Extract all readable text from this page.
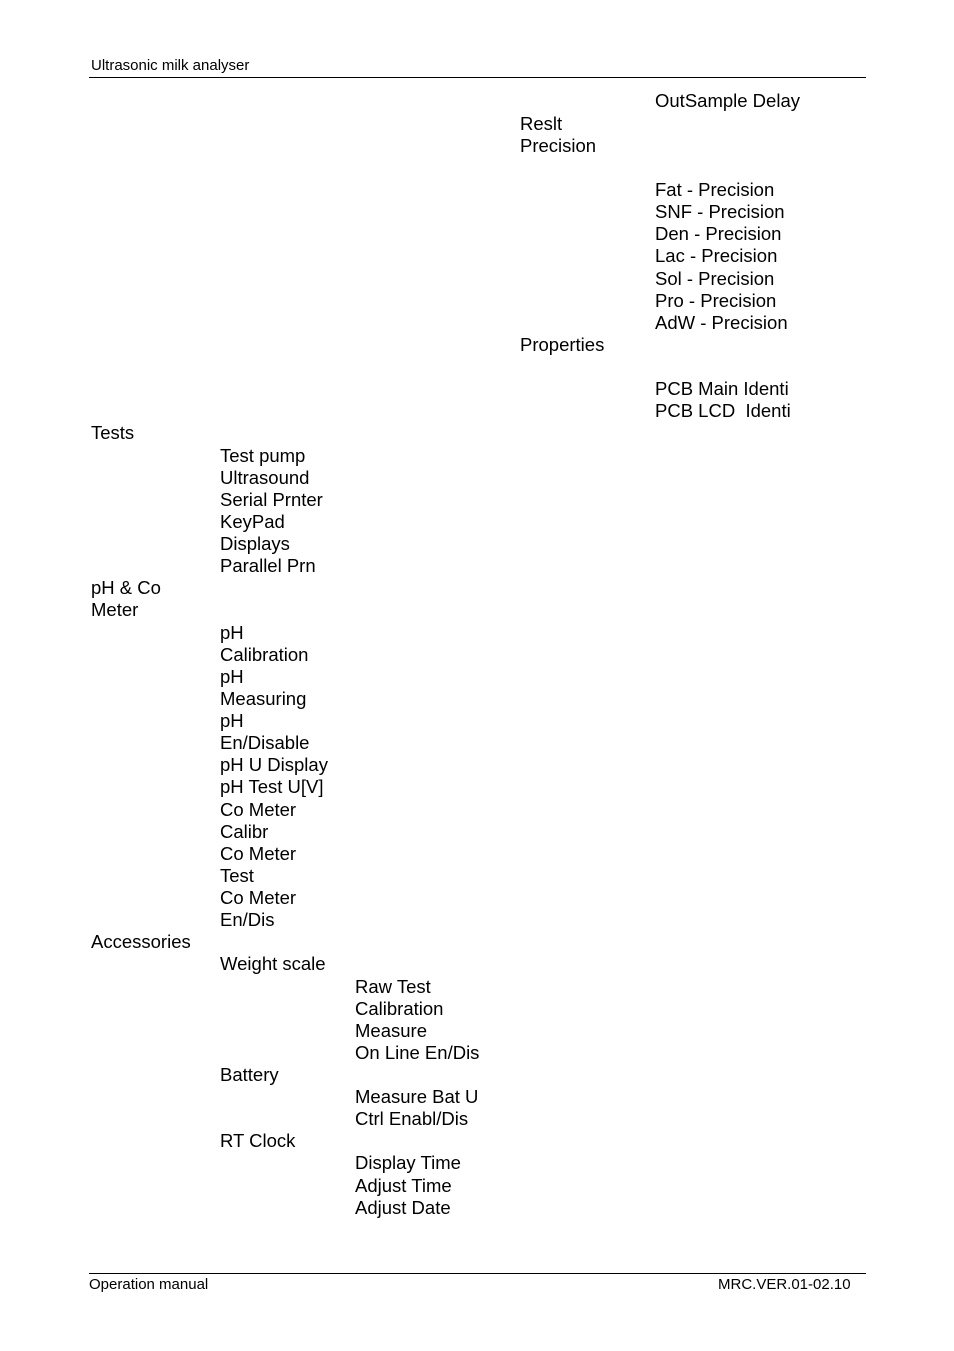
Ultrasonic milk analyser
OutSample Delay
Reslt
Precision
Fat - Precision
SNF - Precision
Den - Precision
Lac - Precision
Sol - Precision
Pro - Precision
AdW - Precision
Properties
PCB Main Identi
PCB LCD  Identi
Tests
Test pump
Ultrasound
Serial Prnter
KeyPad
Displays
Parallel Prn
pH & Co
Meter
pH
Calibration
pH
Measuring
pH
En/Disable
pH U Display
pH Test U[V]
Co Meter
Calibr
Co Meter
Test
Co Meter
En/Dis
Accessories
Weight scale
Raw Test
Calibration
Measure
On Line En/Dis
Battery
Measure Bat U
Ctrl Enabl/Dis
RT Clock
Display Time
Adjust Time
Adjust Date
Operation manual	MRC.VER.01-02.10
